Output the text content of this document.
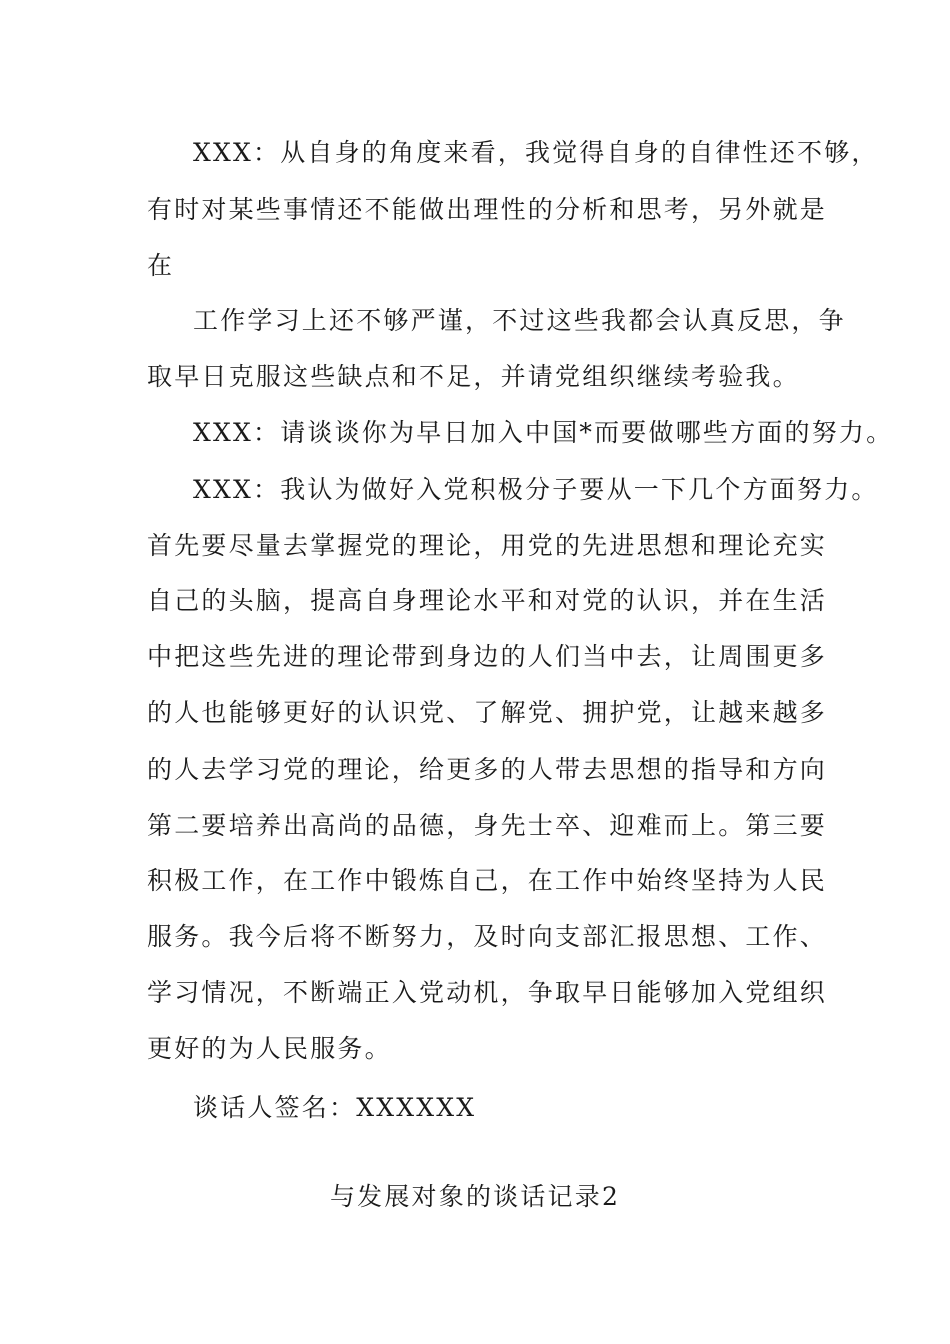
XXX：从自身的角度来看，我觉得自身的自律性还不够，
有时对某些事情还不能做出理性的分析和思考，另外就是
在
工作学习上还不够严谨，不过这些我都会认真反思，争
取早日克服这些缺点和不足，并请党组织继续考验我。
XXX：请谈谈你为早日加入中国*而要做哪些方面的努力。
XXX：我认为做好入党积极分子要从一下几个方面努力。
首先要尽量去掌握党的理论，用党的先进思想和理论充实
自己的头脑，提高自身理论水平和对党的认识，并在生活
中把这些先进的理论带到身边的人们当中去，让周围更多
的人也能够更好的认识党、了解党、拥护党，让越来越多
的人去学习党的理论，给更多的人带去思想的指导和方向
第二要培养出高尚的品德，身先士卒、迎难而上。第三要
积极工作，在工作中锻炼自己，在工作中始终坚持为人民
服务。我今后将不断努力，及时向支部汇报思想、工作、
学习情况，不断端正入党动机，争取早日能够加入党组织
更好的为人民服务。
谈话人签名：XXXXXX
与发展对象的谈话记录2
